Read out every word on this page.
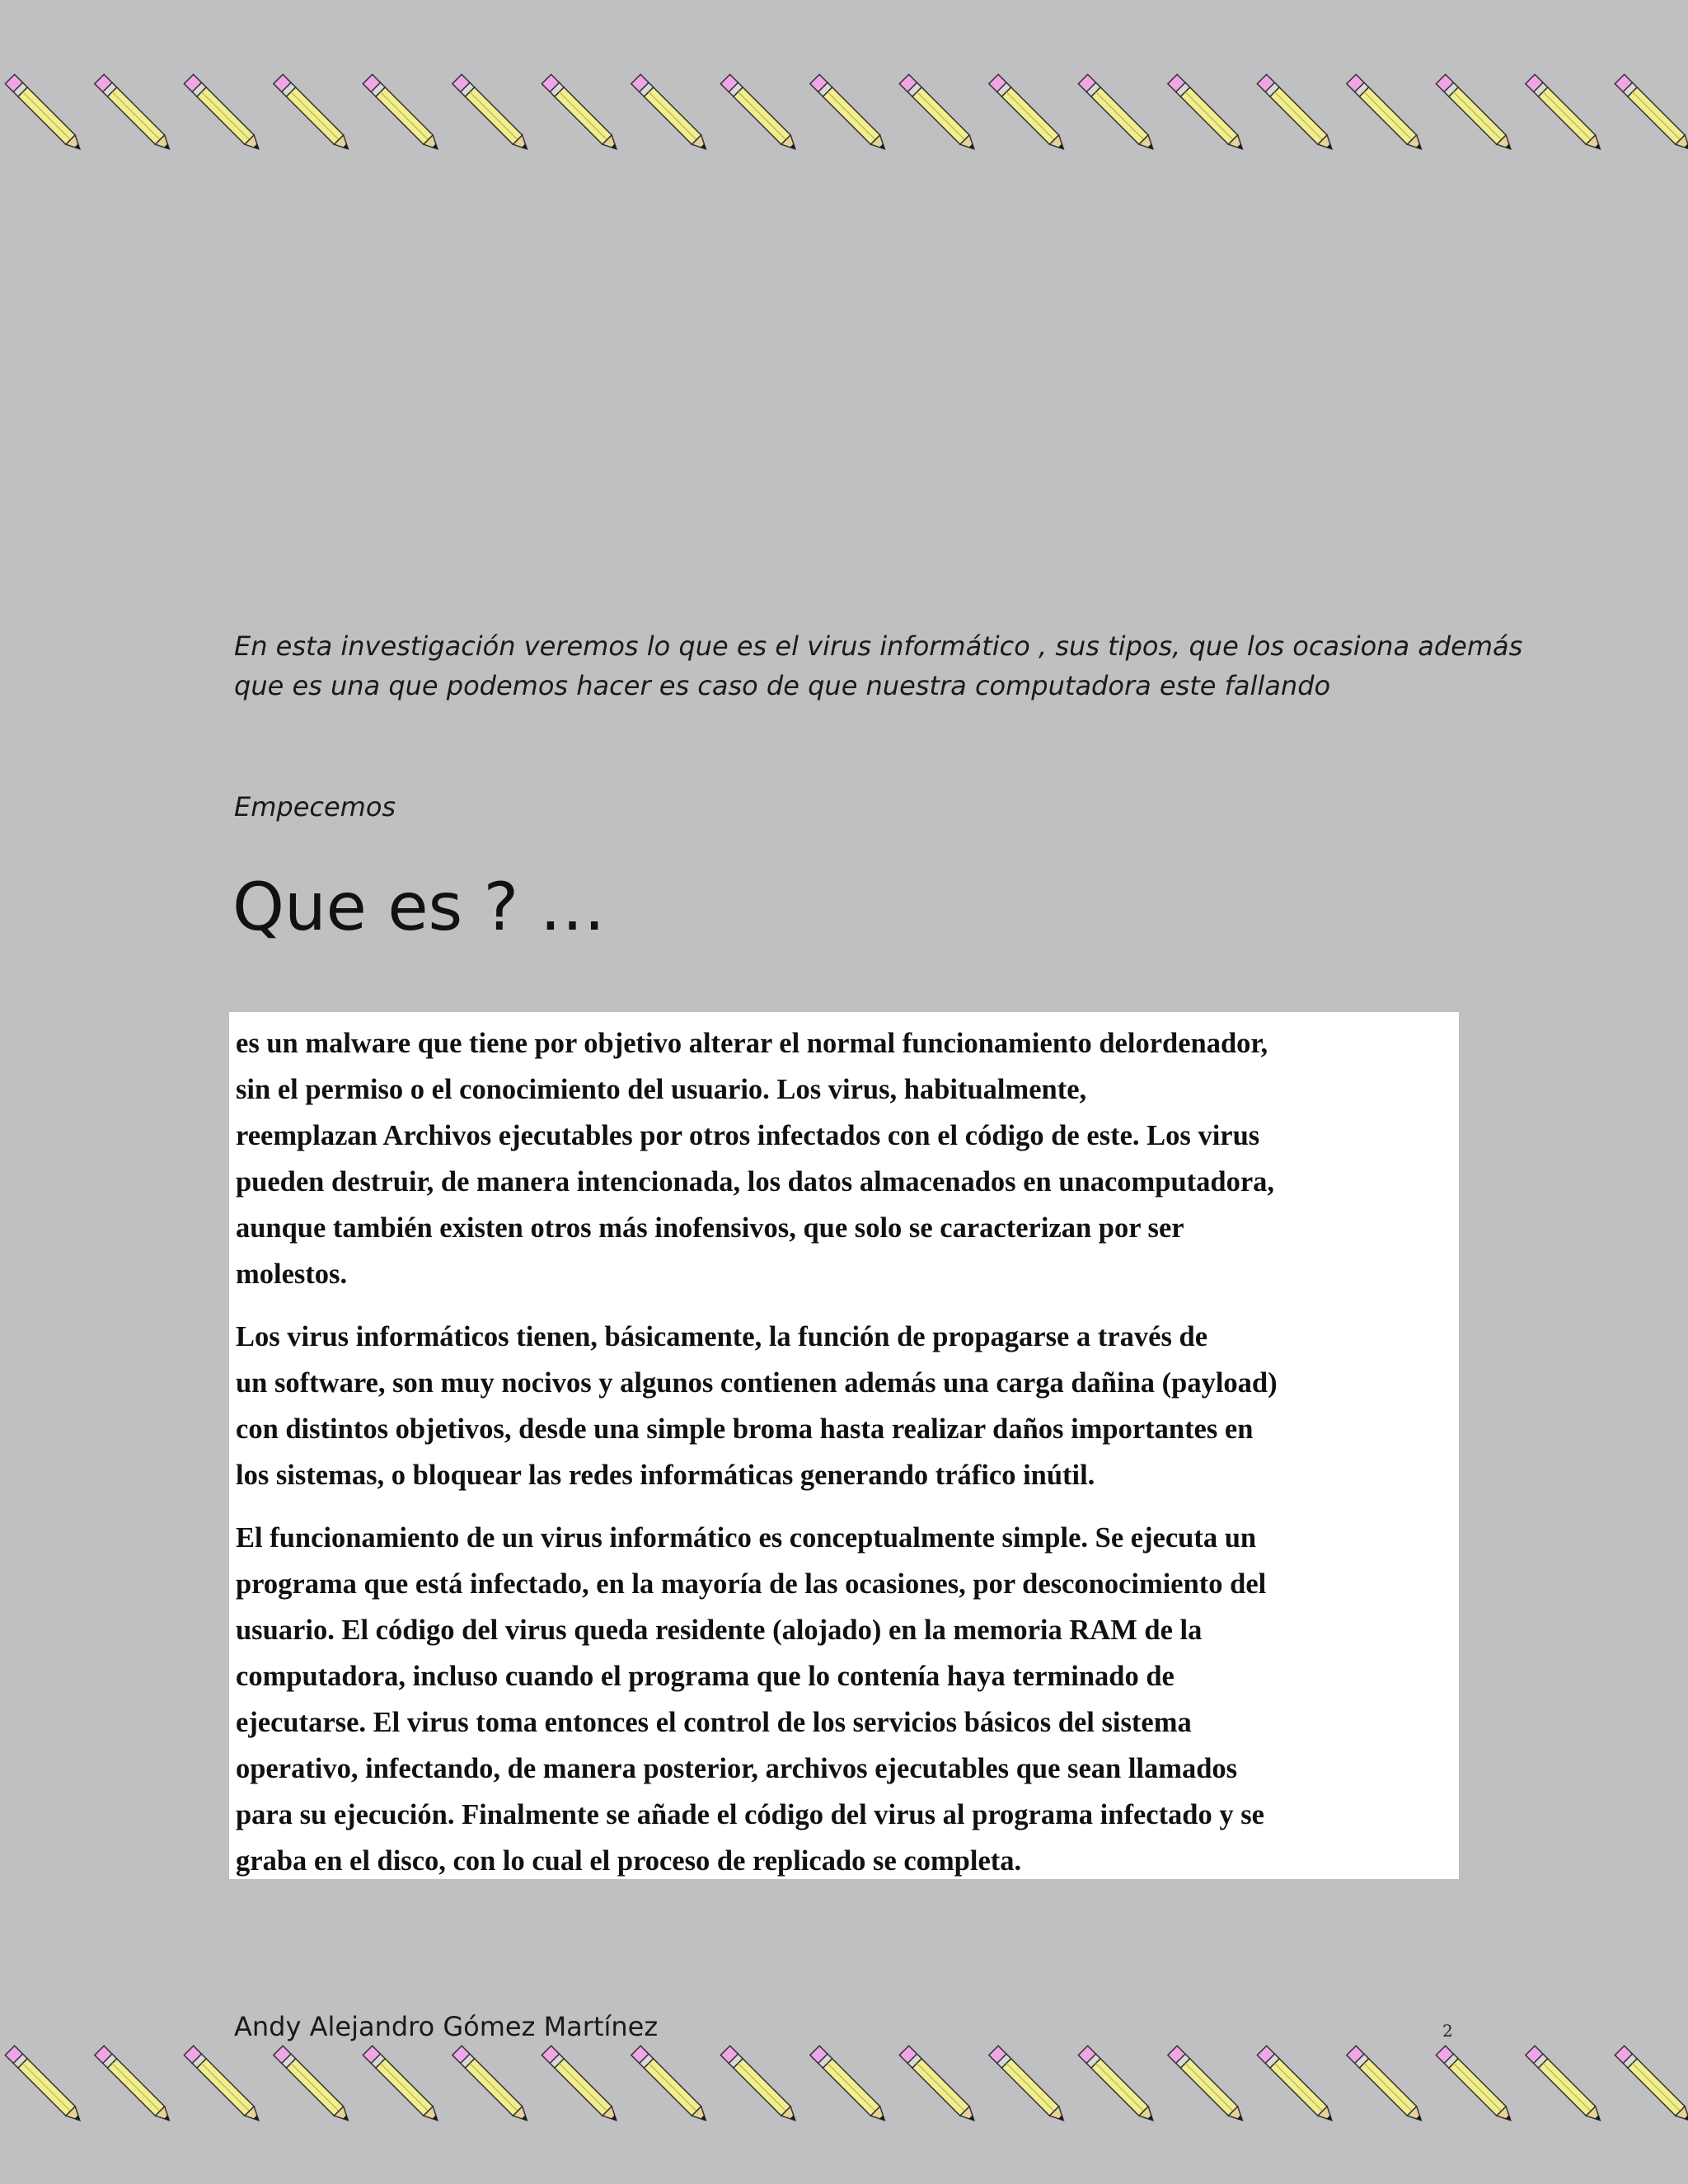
En esta investigación veremos lo que es el virus informático , sus tipos, que los ocasiona además
que es una que podemos hacer es caso de que nuestra computadora este fallando
Empecemos
Que es ? …

es un malware que tiene por objetivo alterar el normal funcionamiento delordenador,
sin el permiso o el conocimiento del usuario. Los virus, habitualmente,
reemplazan Archivos ejecutables por otros infectados con el código de este. Los virus
pueden destruir, de manera intencionada, los datos almacenados en unacomputadora,
aunque también existen otros más inofensivos, que solo se caracterizan por ser
molestos.

Los virus informáticos tienen, básicamente, la función de propagarse a través de
un software, son muy nocivos y algunos contienen además una carga dañina (payload)
con distintos objetivos, desde una simple broma hasta realizar daños importantes en
los sistemas, o bloquear las redes informáticas generando tráfico inútil.

El funcionamiento de un virus informático es conceptualmente simple. Se ejecuta un
programa que está infectado, en la mayoría de las ocasiones, por desconocimiento del
usuario. El código del virus queda residente (alojado) en la memoria RAM de la
computadora, incluso cuando el programa que lo contenía haya terminado de
ejecutarse. El virus toma entonces el control de los servicios básicos del sistema
operativo, infectando, de manera posterior, archivos ejecutables que sean llamados
para su ejecución. Finalmente se añade el código del virus al programa infectado y se
graba en el disco, con lo cual el proceso de replicado se completa.

Andy Alejandro Gómez Martínez	2
